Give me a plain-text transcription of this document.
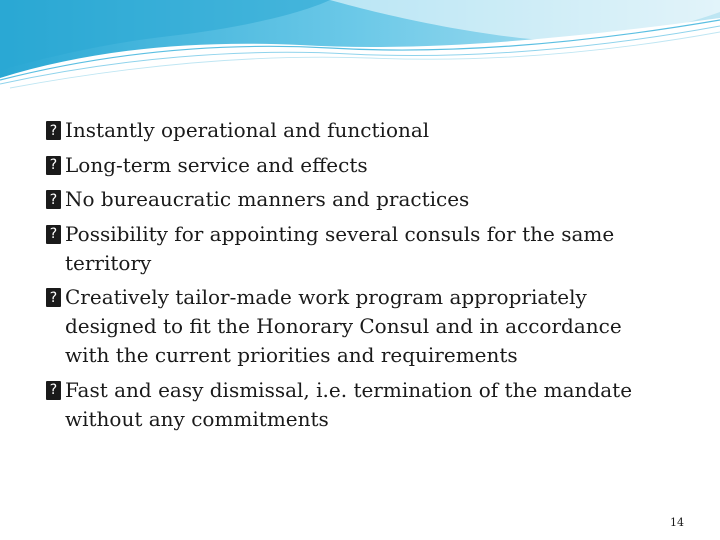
? Instantly operational and functional
? Long-term service and effects
? No bureaucratic manners and practices
? Possibility for appointing several consuls for the same territory
? Creatively tailor-made work program appropriately designed to fit the Honorary Consul and in accordance with the current priorities and requirements
? Fast and easy dismissal, i.e. termination of the mandate without any commitments
14
